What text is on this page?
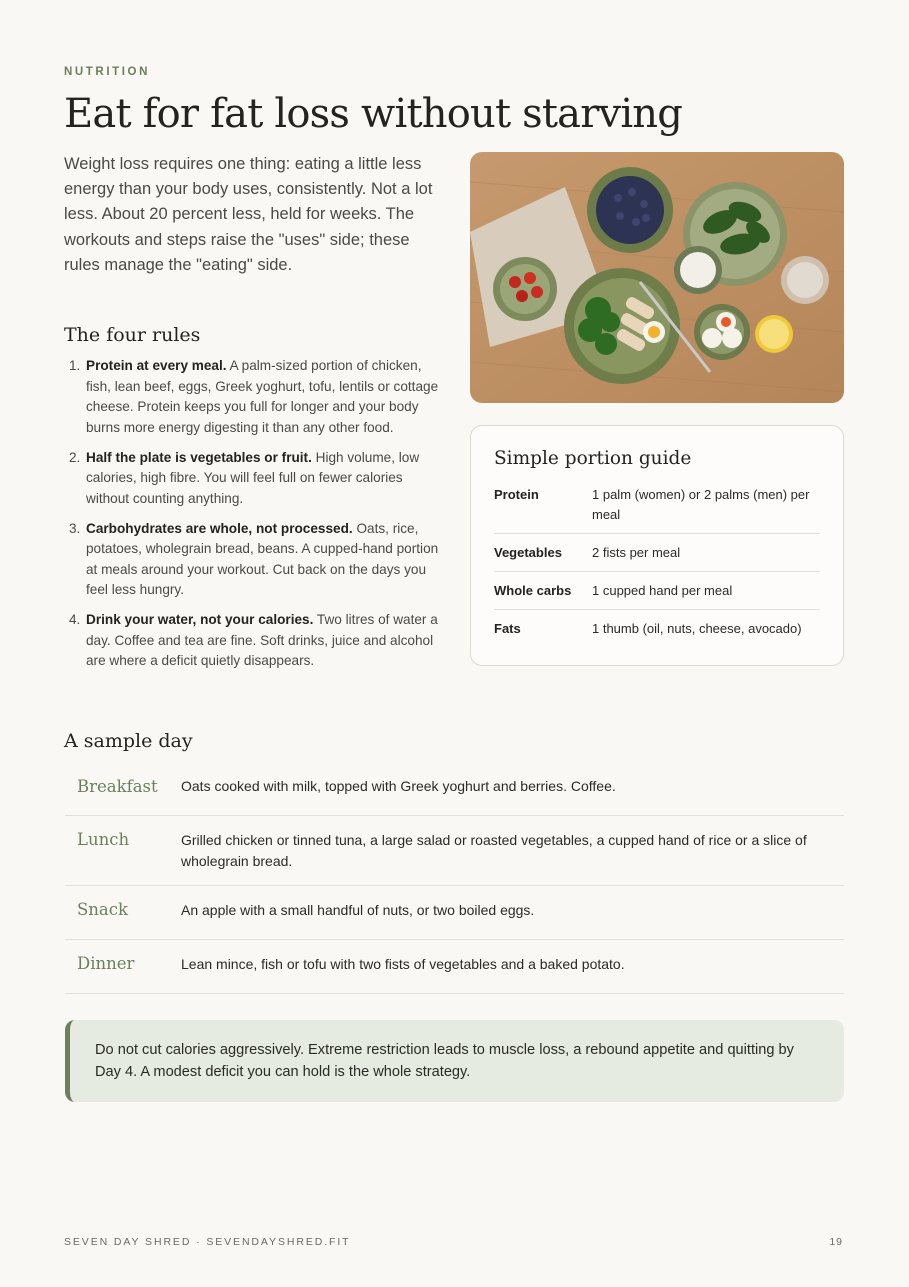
NUTRITION
Eat for fat loss without starving

Weight loss requires one thing: eating a little less energy than your body uses, consistently. Not a lot less. About 20 percent less, held for weeks. The workouts and steps raise the "uses" side; these rules manage the "eating" side.

The four rules
1. Protein at every meal. A palm-sized portion of chicken, fish, lean beef, eggs, Greek yoghurt, tofu, lentils or cottage cheese. Protein keeps you full for longer and your body burns more energy digesting it than any other food.
2. Half the plate is vegetables or fruit. High volume, low calories, high fibre. You will feel full on fewer calories without counting anything.
3. Carbohydrates are whole, not processed. Oats, rice, potatoes, wholegrain bread, beans. A cupped-hand portion at meals around your workout. Cut back on the days you feel less hungry.
4. Drink your water, not your calories. Two litres of water a day. Coffee and tea are fine. Soft drinks, juice and alcohol are where a deficit quietly disappears.
Simple portion guide
Protein	1 palm (women) or 2 palms (men) per meal
Vegetables	2 fists per meal
Whole carbs	1 cupped hand per meal
Fats	1 thumb (oil, nuts, cheese, avocado)
A sample day
Breakfast	Oats cooked with milk, topped with Greek yoghurt and berries. Coffee.
Lunch	Grilled chicken or tinned tuna, a large salad or roasted vegetables, a cupped hand of rice or a slice of wholegrain bread.
Snack	An apple with a small handful of nuts, or two boiled eggs.
Dinner	Lean mince, fish or tofu with two fists of vegetables and a baked potato.
Do not cut calories aggressively. Extreme restriction leads to muscle loss, a rebound appetite and quitting by Day 4. A modest deficit you can hold is the whole strategy.
SEVEN DAY SHRED · SEVENDAYSHRED.FIT	19
